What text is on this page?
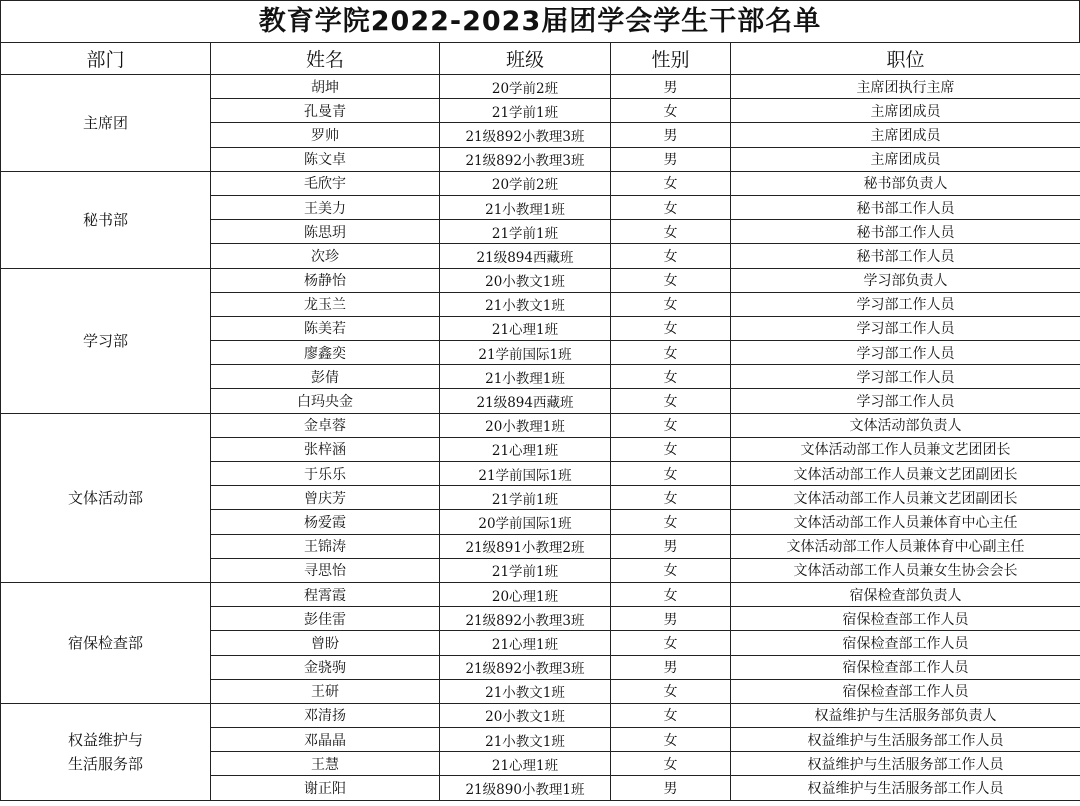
教育学院2022-2023届团学会学生干部名单
部门	姓名	班级	性别	职位
主席团	胡坤	20学前2班	男	主席团执行主席
	孔曼青	21学前1班	女	主席团成员
	罗帅	21级892小教理3班	男	主席团成员
	陈文卓	21级892小教理3班	男	主席团成员
秘书部	毛欣宇	20学前2班	女	秘书部负责人
	王美力	21小教理1班	女	秘书部工作人员
	陈思玥	21学前1班	女	秘书部工作人员
	次珍	21级894西藏班	女	秘书部工作人员
学习部	杨静怡	20小教文1班	女	学习部负责人
	龙玉兰	21小教文1班	女	学习部工作人员
	陈美若	21心理1班	女	学习部工作人员
	廖鑫奕	21学前国际1班	女	学习部工作人员
	彭倩	21小教理1班	女	学习部工作人员
	白玛央金	21级894西藏班	女	学习部工作人员
文体活动部	金卓蓉	20小教理1班	女	文体活动部负责人
	张梓涵	21心理1班	女	文体活动部工作人员兼文艺团团长
	于乐乐	21学前国际1班	女	文体活动部工作人员兼文艺团副团长
	曾庆芳	21学前1班	女	文体活动部工作人员兼文艺团副团长
	杨爱霞	20学前国际1班	女	文体活动部工作人员兼体育中心主任
	王锦涛	21级891小教理2班	男	文体活动部工作人员兼体育中心副主任
	寻思怡	21学前1班	女	文体活动部工作人员兼女生协会会长
宿保检查部	程霄霞	20心理1班	女	宿保检查部负责人
	彭佳雷	21级892小教理3班	男	宿保检查部工作人员
	曾盼	21心理1班	女	宿保检查部工作人员
	金骁驹	21级892小教理3班	男	宿保检查部工作人员
	王研	21小教文1班	女	宿保检查部工作人员
权益维护与
生活服务部	邓清扬	20小教文1班	女	权益维护与生活服务部负责人
	邓晶晶	21小教文1班	女	权益维护与生活服务部工作人员
	王慧	21心理1班	女	权益维护与生活服务部工作人员
	谢正阳	21级890小教理1班	男	权益维护与生活服务部工作人员
